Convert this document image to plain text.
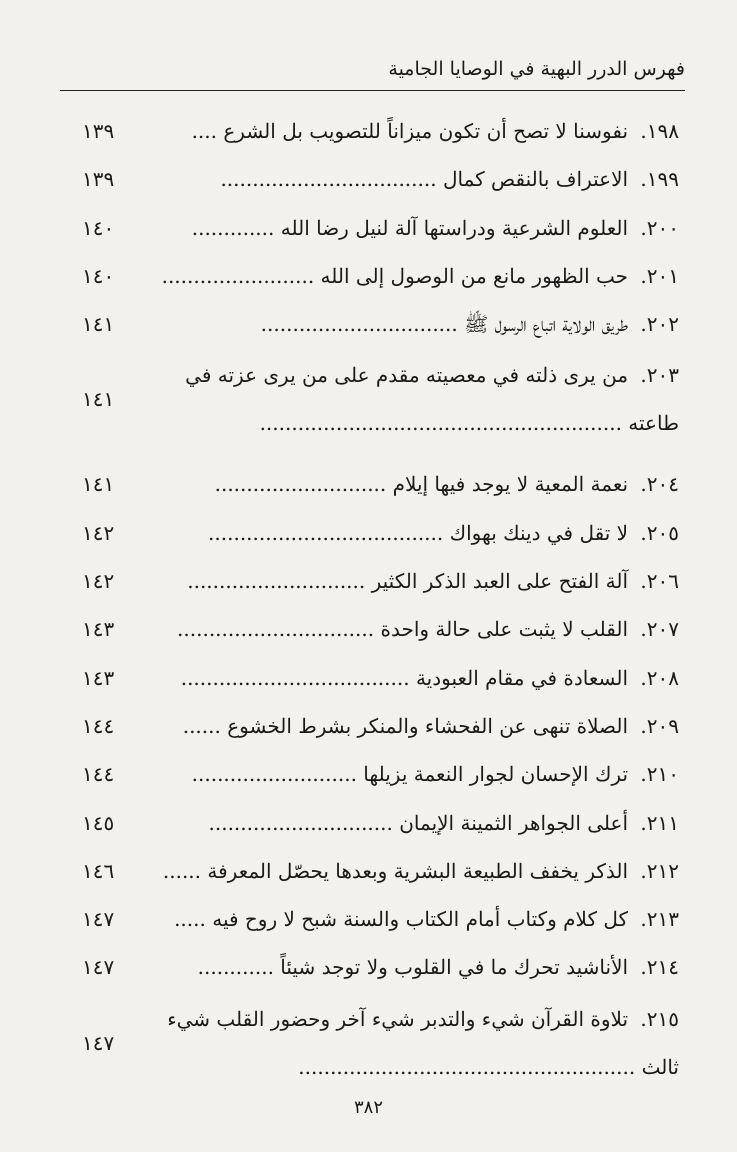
فهرس الدرر البهية في الوصايا الجامية
١٩٨. نفوسنا لا تصح أن تكون ميزاناً للتصويب بل الشرع ....
١٣٩
١٩٩. الاعتراف بالنقص كمال ..................................
١٣٩
٢٠٠. العلوم الشرعية ودراستها آلة لنيل رضا الله .............
١٤٠
٢٠١. حب الظهور مانع من الوصول إلى الله ........................
١٤٠
٢٠٢. طريق الولاية اتباع الرسول ﷺ ...............................
١٤١
٢٠٣. من يرى ذلته في معصيته مقدم على من يرى عزته في طاعته .........................................................
١٤١
٢٠٤. نعمة المعية لا يوجد فيها إيلام ...........................
١٤١
٢٠٥. لا تقل في دينك بهواك .....................................
١٤٢
٢٠٦. آلة الفتح على العبد الذكر الكثير ............................
١٤٢
٢٠٧. القلب لا يثبت على حالة واحدة ...............................
١٤٣
٢٠٨. السعادة في مقام العبودية ....................................
١٤٣
٢٠٩. الصلاة تنهى عن الفحشاء والمنكر بشرط الخشوع ......
١٤٤
٢١٠. ترك الإحسان لجوار النعمة يزيلها ..........................
١٤٤
٢١١. أعلى الجواهر الثمينة الإيمان .............................
١٤٥
٢١٢. الذكر يخفف الطبيعة البشرية وبعدها يحصّل المعرفة ......
١٤٦
٢١٣. كل كلام وكتاب أمام الكتاب والسنة شبح لا روح فيه .....
١٤٧
٢١٤. الأناشيد تحرك ما في القلوب ولا توجد شيئاً ............
١٤٧
٢١٥. تلاوة القرآن شيء والتدبر شيء آخر وحضور القلب شيء ثالث .....................................................
١٤٧
٣٨٢
